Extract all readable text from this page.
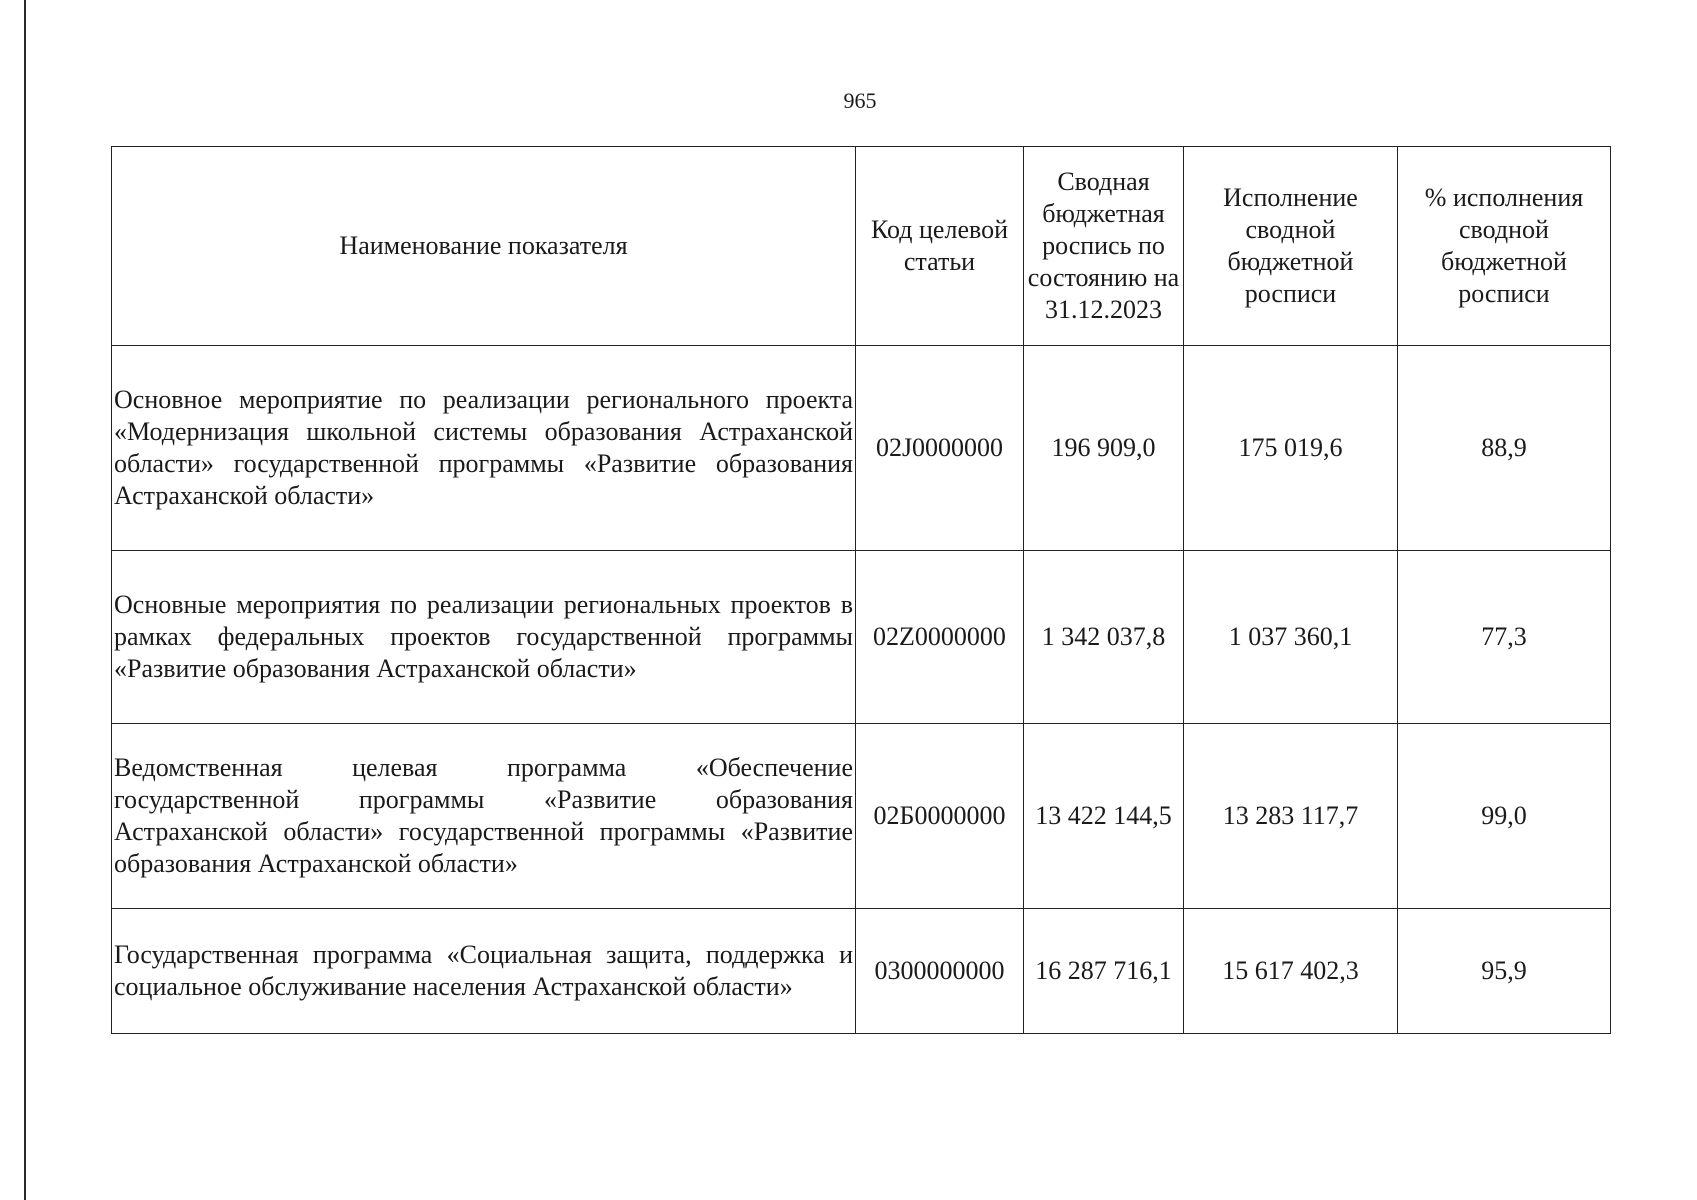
965
Наименование показателя	Код целевой статьи	Сводная бюджетная роспись по состоянию на 31.12.2023	Исполнение сводной бюджетной росписи	% исполнения сводной бюджетной росписи
Основное мероприятие по реализации регионального проекта «Модернизация школьной системы образования Астраханской области» государственной программы «Развитие образования Астраханской области»	02J0000000	196 909,0	175 019,6	88,9
Основные мероприятия по реализации региональных проектов в рамках федеральных проектов государственной программы «Развитие образования Астраханской области»	02Z0000000	1 342 037,8	1 037 360,1	77,3
Ведомственная целевая программа «Обеспечение государственной программы «Развитие образования Астраханской области» государственной программы «Развитие образования Астраханской области»	02Б0000000	13 422 144,5	13 283 117,7	99,0
Государственная программа «Социальная защита, поддержка и социальное обслуживание населения Астраханской области»	0300000000	16 287 716,1	15 617 402,3	95,9
